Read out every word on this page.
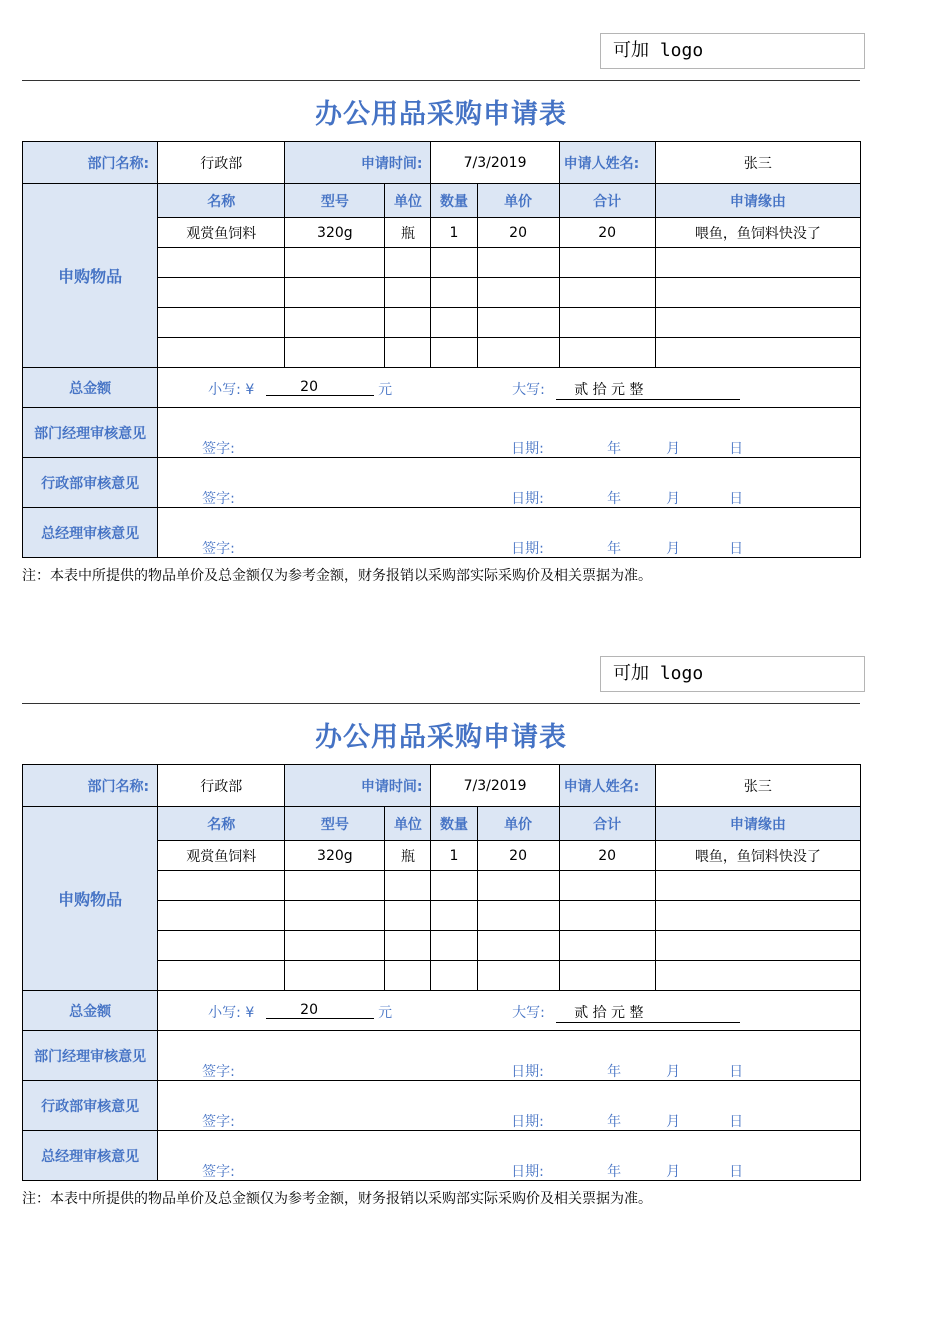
可加 logo
办公用品采购申请表
部门名称:	行政部	申请时间:		7/3/2019		申请人姓名:	张三
申购物品	名称	型号	单位	数量	单价	合计	申请缘由
	观赏鱼饲料	320g	瓶	1	20	20	喂鱼，鱼饲料快没了

总金额	小写: ¥ 20 元 大写: 贰 拾 元 整						

部门经理审核意见	签字: 日期: 年 月 日						

行政部审核意见	签字: 日期: 年 月 日						

总经理审核意见	签字: 日期: 年 月 日						
注：本表中所提供的物品单价及总金额仅为参考金额，财务报销以采购部实际采购价及相关票据为准。
可加 logo
办公用品采购申请表
部门名称:	行政部	申请时间:		7/3/2019		申请人姓名:	张三
申购物品	名称	型号	单位	数量	单价	合计	申请缘由
	观赏鱼饲料	320g	瓶	1	20	20	喂鱼，鱼饲料快没了

总金额	小写: ¥ 20 元 大写: 贰 拾 元 整						

部门经理审核意见	签字: 日期: 年 月 日						

行政部审核意见	签字: 日期: 年 月 日						

总经理审核意见	签字: 日期: 年 月 日						
注：本表中所提供的物品单价及总金额仅为参考金额，财务报销以采购部实际采购价及相关票据为准。
